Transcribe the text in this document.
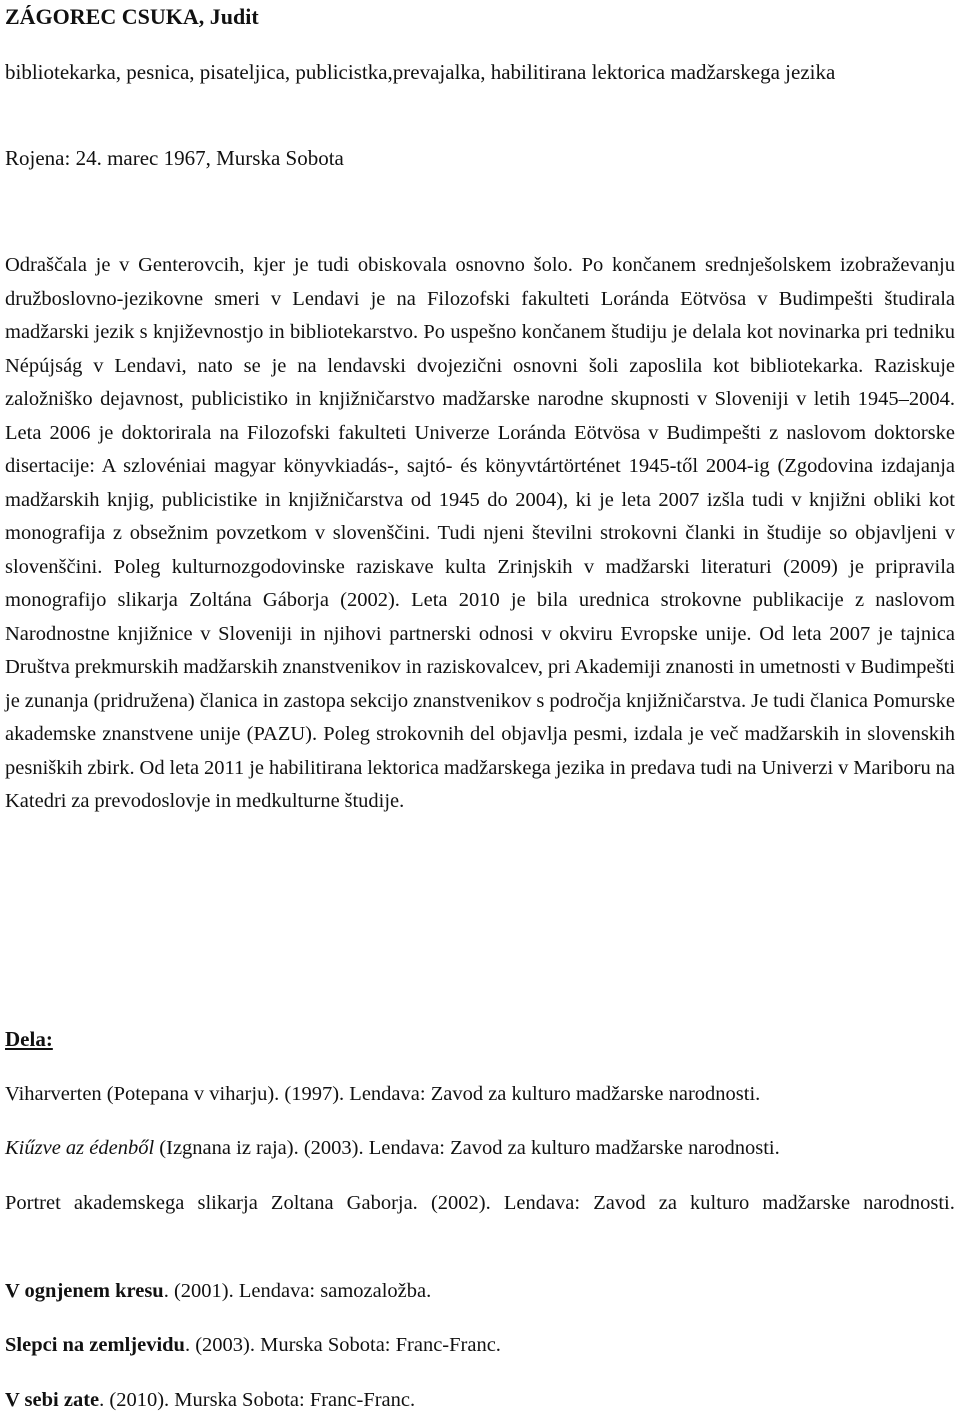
ZÁGOREC CSUKA, Judit

bibliotekarka, pesnica, pisateljica, publicistka,prevajalka, habilitirana lektorica madžarskega jezika

Rojena: 24. marec 1967, Murska Sobota

Odraščala je v Genterovcih, kjer je tudi obiskovala osnovno šolo. Po končanem srednješolskem izobraževanju družboslovno-jezikovne smeri v Lendavi je na Filozofski fakulteti Loránda Eötvösa v Budimpešti študirala madžarski jezik s književnostjo in bibliotekarstvo. Po uspešno končanem študiju je delala kot novinarka pri tedniku Népújság v Lendavi, nato se je na lendavski dvojezični osnovni šoli zaposlila kot bibliotekarka. Raziskuje založniško dejavnost, publicistiko in knjižničarstvo madžarske narodne skupnosti v Sloveniji v letih 1945–2004. Leta 2006 je doktorirala na Filozofski fakulteti Univerze Loránda Eötvösa v Budimpešti z naslovom doktorske disertacije: A szlovéniai magyar könyvkiadás-, sajtó- és könyvtártörténet 1945-től 2004-ig (Zgodovina izdajanja madžarskih knjig, publicistike in knjižničarstva od 1945 do 2004), ki je leta 2007 izšla tudi v knjižni obliki kot monografija z obsežnim povzetkom v slovenščini. Tudi njeni številni strokovni članki in študije so objavljeni v slovenščini. Poleg kulturnozgodovinske raziskave kulta Zrinjskih v madžarski literaturi (2009) je pripravila monografijo slikarja Zoltána Gáborja (2002). Leta 2010 je bila urednica strokovne publikacije z naslovom Narodnostne knjižnice v Sloveniji in njihovi partnerski odnosi v okviru Evropske unije. Od leta 2007 je tajnica Društva prekmurskih madžarskih znanstvenikov in raziskovalcev, pri Akademiji znanosti in umetnosti v Budimpešti je zunanja (pridružena) članica in zastopa sekcijo znanstvenikov s področja knjižničarstva. Je tudi članica Pomurske akademske znanstvene unije (PAZU). Poleg strokovnih del objavlja pesmi, izdala je več madžarskih in slovenskih pesniških zbirk. Od leta 2011 je habilitirana lektorica madžarskega jezika in predava tudi na Univerzi v Mariboru na Katedri za prevodoslovje in medkulturne študije.

Dela:

Viharverten (Potepana v viharju). (1997). Lendava: Zavod za kulturo madžarske narodnosti.

Kiűzve az édenből (Izgnana iz raja). (2003). Lendava: Zavod za kulturo madžarske narodnosti.

Portret akademskega slikarja Zoltana Gaborja. (2002). Lendava: Zavod za kulturo madžarske narodnosti.

V ognjenem kresu. (2001). Lendava: samozaložba.

Slepci na zemljevidu. (2003). Murska Sobota: Franc-Franc.

V sebi zate. (2010). Murska Sobota: Franc-Franc.
